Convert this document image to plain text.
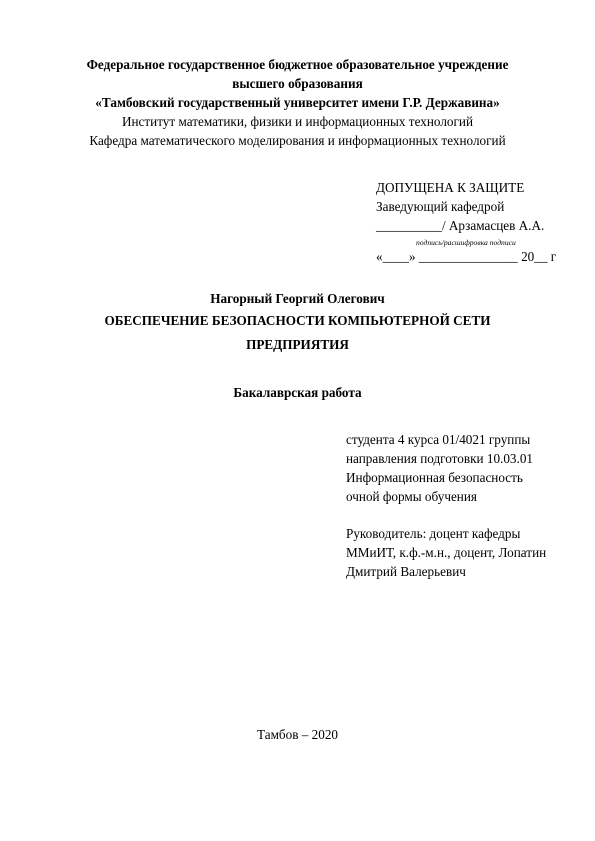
Федеральное государственное бюджетное образовательное учреждение
высшего образования
«Тамбовский государственный университет имени Г.Р. Державина»
Институт математики, физики и информационных технологий
Кафедра математического моделирования и информационных технологий
ДОПУЩЕНА К ЗАЩИТЕ
Заведующий кафедрой
__________/ Арзамасцев А.А.
подпись/расшифровка подписи
«____» _______________ 20__ г
Нагорный Георгий Олегович
ОБЕСПЕЧЕНИЕ БЕЗОПАСНОСТИ КОМПЬЮТЕРНОЙ СЕТИ
ПРЕДПРИЯТИЯ
Бакалаврская работа
студента 4 курса 01/4021 группы
направления подготовки 10.03.01
Информационная безопасность
очной формы обучения
Руководитель: доцент кафедры
ММиИТ, к.ф.-м.н., доцент, Лопатин
Дмитрий Валерьевич
Тамбов – 2020
